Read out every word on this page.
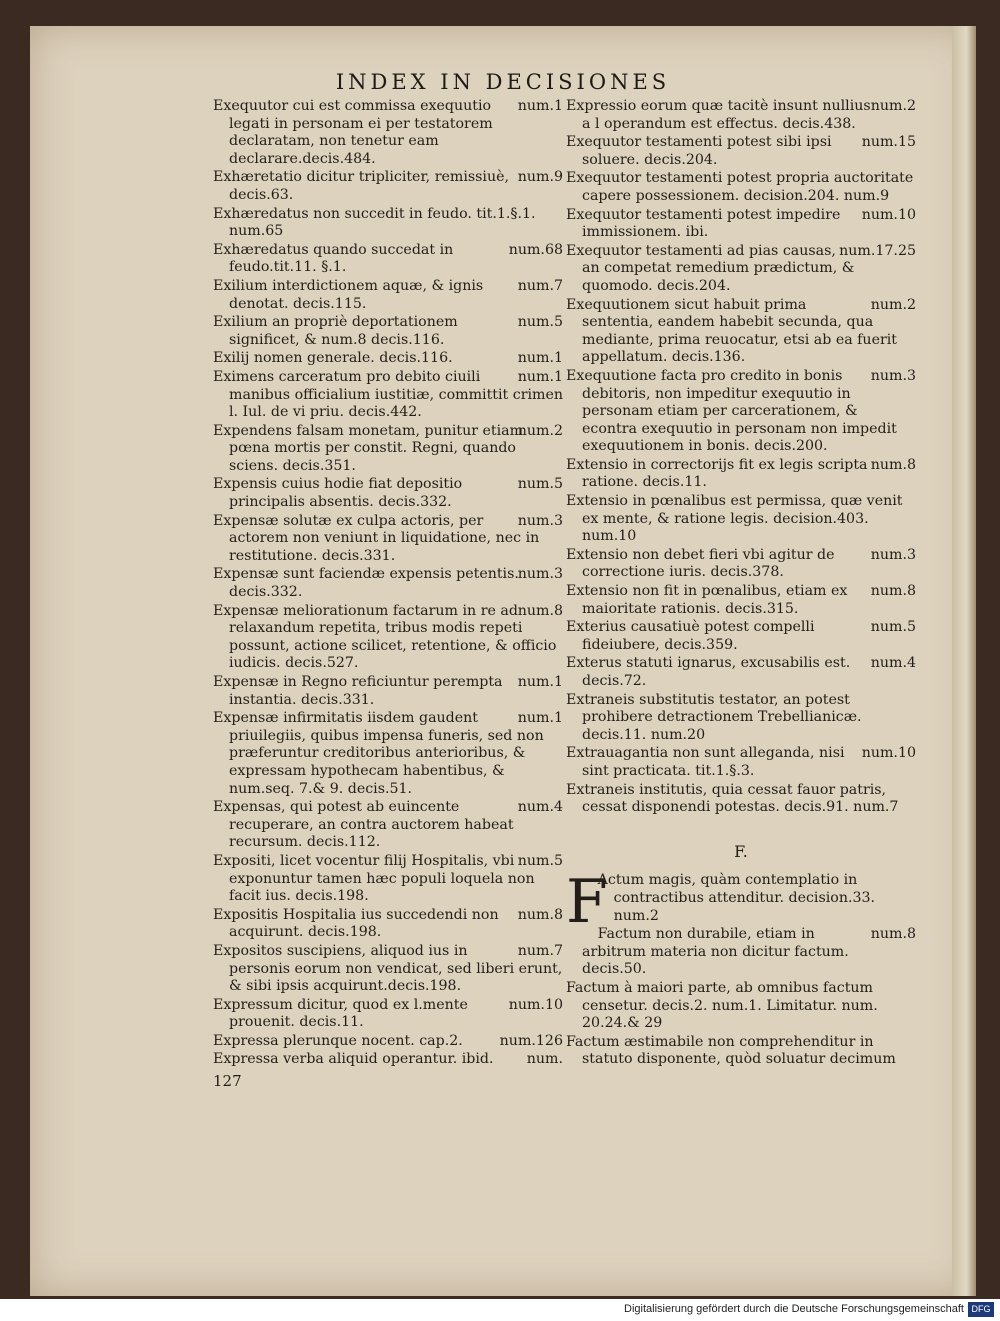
INDEX IN DECISIONES
num.1
Exequutor cui est commissa exequutio legati in personam ei per testatorem declaratam, non tenetur eam declarare.decis.484.
num.9
Exhæretatio dicitur tripliciter, remissiuè, decis.63.
Exhæredatus non succedit in feudo. tit.1.§.1. num.65
num.68
Exhæredatus quando succedat in feudo.tit.11. §.1.
num.7
Exilium interdictionem aquæ, & ignis denotat. decis.115.
num.5
Exilium an propriè deportationem significet, & num.8 decis.116.
num.1
Exilij nomen generale. decis.116.
num.1
Eximens carceratum pro debito ciuili manibus officialium iustitiæ, committit crimen l. Iul. de vi priu. decis.442.
num.2
Expendens falsam monetam, punitur etiam pœna mortis per constit. Regni, quando sciens. decis.351.
num.5
Expensis cuius hodie fiat depositio principalis absentis. decis.332.
num.3
Expensæ solutæ ex culpa actoris, per actorem non veniunt in liquidatione, nec in restitutione. decis.331.
num.3
Expensæ sunt faciendæ expensis petentis. decis.332.
num.8
Expensæ meliorationum factarum in re ad relaxandum repetita, tribus modis repeti possunt, actione scilicet, retentione, & officio iudicis. decis.527.
num.1
Expensæ in Regno reficiuntur perempta instantia. decis.331.
num.1
Expensæ infirmitatis iisdem gaudent priuilegiis, quibus impensa funeris, sed non præferuntur creditoribus anterioribus, & expressam hypothecam habentibus, & num.seq. 7.& 9. decis.51.
num.4
Expensas, qui potest ab euincente recuperare, an contra auctorem habeat recursum. decis.112.
num.5
Expositi, licet vocentur filij Hospitalis, vbi exponuntur tamen hæc populi loquela non facit ius. decis.198.
num.8
Expositis Hospitalia ius succedendi non acquirunt. decis.198.
num.7
Expositos suscipiens, aliquod ius in personis eorum non vendicat, sed liberi erunt, & sibi ipsis acquirunt.decis.198.
num.10
Expressum dicitur, quod ex l.mente prouenit. decis.11.
num.126
Expressa plerunque nocent. cap.2.
num.
Expressa verba aliquid operantur. ibid.
127
num.2
Expressio eorum quæ tacitè insunt nullius a l operandum est effectus. decis.438.
num.15
Exequutor testamenti potest sibi ipsi soluere. decis.204.
Exequutor testamenti potest propria auctoritate capere possessionem. decision.204. num.9
num.10
Exequutor testamenti potest impedire immissionem. ibi.
num.17.25
Exequutor testamenti ad pias causas, an competat remedium prædictum, & quomodo. decis.204.
num.2
Exequutionem sicut habuit prima sententia, eandem habebit secunda, qua mediante, prima reuocatur, etsi ab ea fuerit appellatum. decis.136.
num.3
Exequutione facta pro credito in bonis debitoris, non impeditur exequutio in personam etiam per carcerationem, & econtra exequutio in personam non impedit exequutionem in bonis. decis.200.
num.8
Extensio in correctorijs fit ex legis scripta ratione. decis.11.
Extensio in pœnalibus est permissa, quæ venit ex mente, & ratione legis. decision.403. num.10
num.3
Extensio non debet fieri vbi agitur de correctione iuris. decis.378.
num.8
Extensio non fit in pœnalibus, etiam ex maioritate rationis. decis.315.
num.5
Exterius causatiuè potest compelli fideiubere, decis.359.
num.4
Exterus statuti ignarus, excusabilis est. decis.72.
Extraneis substitutis testator, an potest prohibere detractionem Trebellianicæ. decis.11. num.20
num.10
Extrauagantia non sunt alleganda, nisi sint practicata. tit.1.§.3.
Extraneis institutis, quia cessat fauor patris, cessat disponendi potestas. decis.91. num.7
F.
F
Actum magis, quàm contemplatio in contractibus attenditur. decision.33. num.2
num.8
Factum non durabile, etiam in arbitrum materia non dicitur factum. decis.50.
Factum à maiori parte, ab omnibus factum censetur. decis.2. num.1. Limitatur. num. 20.24.& 29
Factum æstimabile non comprehenditur in statuto disponente, quòd soluatur decimum
Digitalisierung gefördert durch die Deutsche Forschungsgemeinschaft DFG
